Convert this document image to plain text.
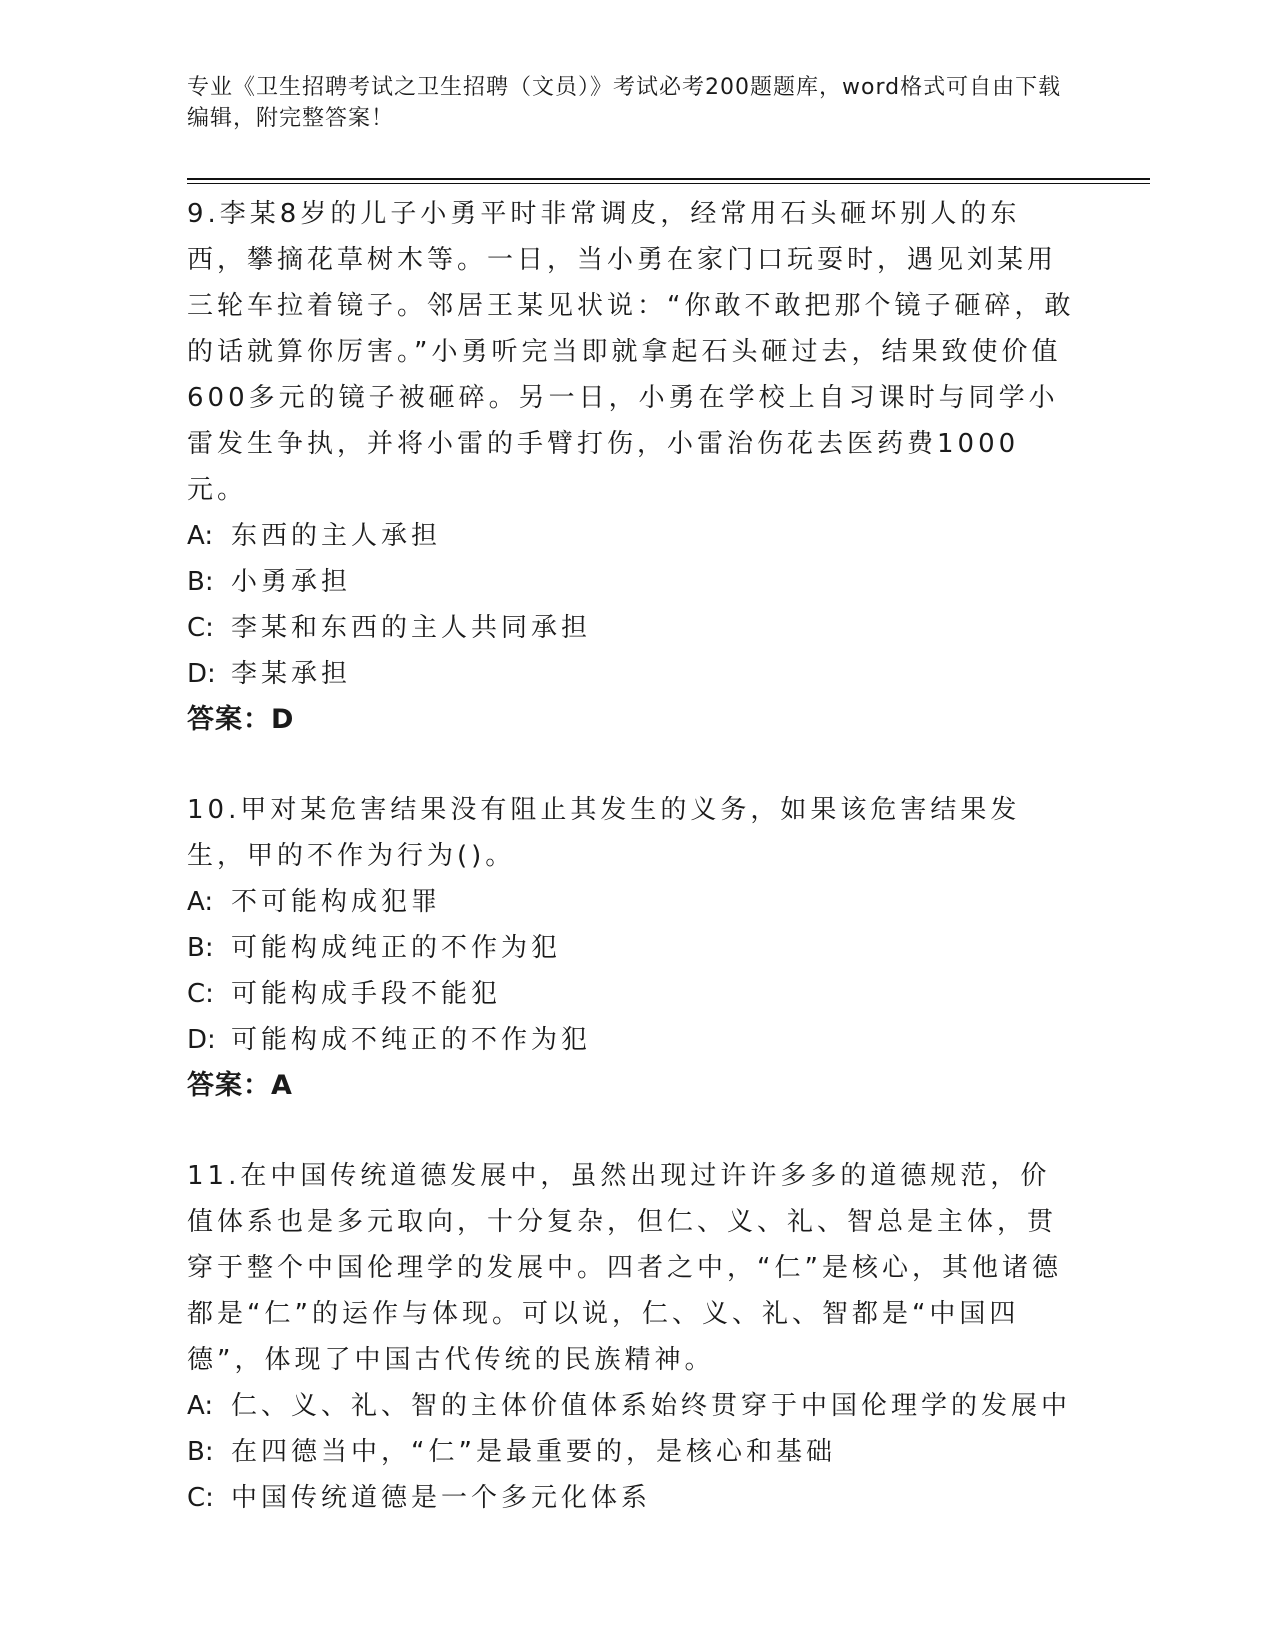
专业《卫生招聘考试之卫生招聘（文员）》考试必考200题题库，word格式可自由下载编辑，附完整答案！

9.李某8岁的儿子小勇平时非常调皮，经常用石头砸坏别人的东西，攀摘花草树木等。一日，当小勇在家门口玩耍时，遇见刘某用三轮车拉着镜子。邻居王某见状说：“你敢不敢把那个镜子砸碎，敢的话就算你厉害。”小勇听完当即就拿起石头砸过去，结果致使价值600多元的镜子被砸碎。另一日，小勇在学校上自习课时与同学小雷发生争执，并将小雷的手臂打伤，小雷治伤花去医药费1000元。

A: 东西的主人承担

B: 小勇承担

C: 李某和东西的主人共同承担

D: 李某承担

答案：D

10.甲对某危害结果没有阻止其发生的义务，如果该危害结果发生，甲的不作为行为()。

A: 不可能构成犯罪

B: 可能构成纯正的不作为犯

C: 可能构成手段不能犯

D: 可能构成不纯正的不作为犯

答案：A

11.在中国传统道德发展中，虽然出现过许许多多的道德规范，价值体系也是多元取向，十分复杂，但仁、义、礼、智总是主体，贯穿于整个中国伦理学的发展中。四者之中，“仁”是核心，其他诸德都是“仁”的运作与体现。可以说，仁、义、礼、智都是“中国四德”，体现了中国古代传统的民族精神。

A: 仁、义、礼、智的主体价值体系始终贯穿于中国伦理学的发展中

B: 在四德当中，“仁”是最重要的，是核心和基础

C: 中国传统道德是一个多元化体系
